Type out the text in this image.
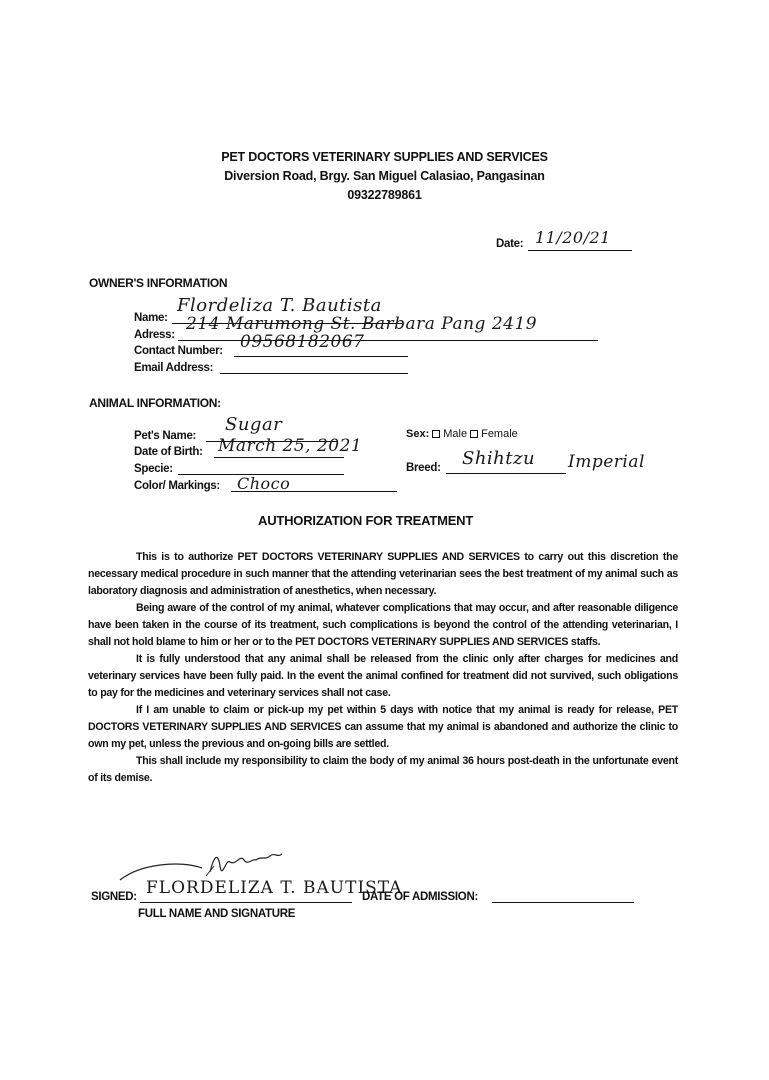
PET DOCTORS VETERINARY SUPPLIES AND SERVICES
Diversion Road, Brgy. San Miguel Calasiao, Pangasinan
09322789861
Date: 11/20/21
OWNER'S INFORMATION
Name:
Flordeliza T. Bautista
Adress:
214 Marumong St. Barbara Pang 2419
Contact Number: 09568182067
Email Address:
ANIMAL INFORMATION:
Pet's Name:
Sugar
Date of Birth: March 25, 2021
Specie:
Color/ Markings: Choco
Sex: Male Female
Breed: Shihtzu Imperial
AUTHORIZATION FOR TREATMENT

This is to authorize PET DOCTORS VETERINARY SUPPLIES AND SERVICES to carry out this discretion the necessary medical procedure in such manner that the attending veterinarian sees the best treatment of my animal such as laboratory diagnosis and administration of anesthetics, when necessary.

Being aware of the control of my animal, whatever complications that may occur, and after reasonable diligence have been taken in the course of its treatment, such complications is beyond the control of the attending veterinarian, I shall not hold blame to him or her or to the PET DOCTORS VETERINARY SUPPLIES AND SERVICES staffs.

It is fully understood that any animal shall be released from the clinic only after charges for medicines and veterinary services have been fully paid. In the event the animal confined for treatment did not survived, such obligations to pay for the medicines and veterinary services shall not case.

If I am unable to claim or pick-up my pet within 5 days with notice that my animal is ready for release, PET DOCTORS VETERINARY SUPPLIES AND SERVICES can assume that my animal is abandoned and authorize the clinic to own my pet, unless the previous and on-going bills are settled.

This shall include my responsibility to claim the body of my animal 36 hours post-death in the unfortunate event of its demise.

SIGNED: FLORDELIZA T. BAUTISTA
DATE OF ADMISSION:
FULL NAME AND SIGNATURE
